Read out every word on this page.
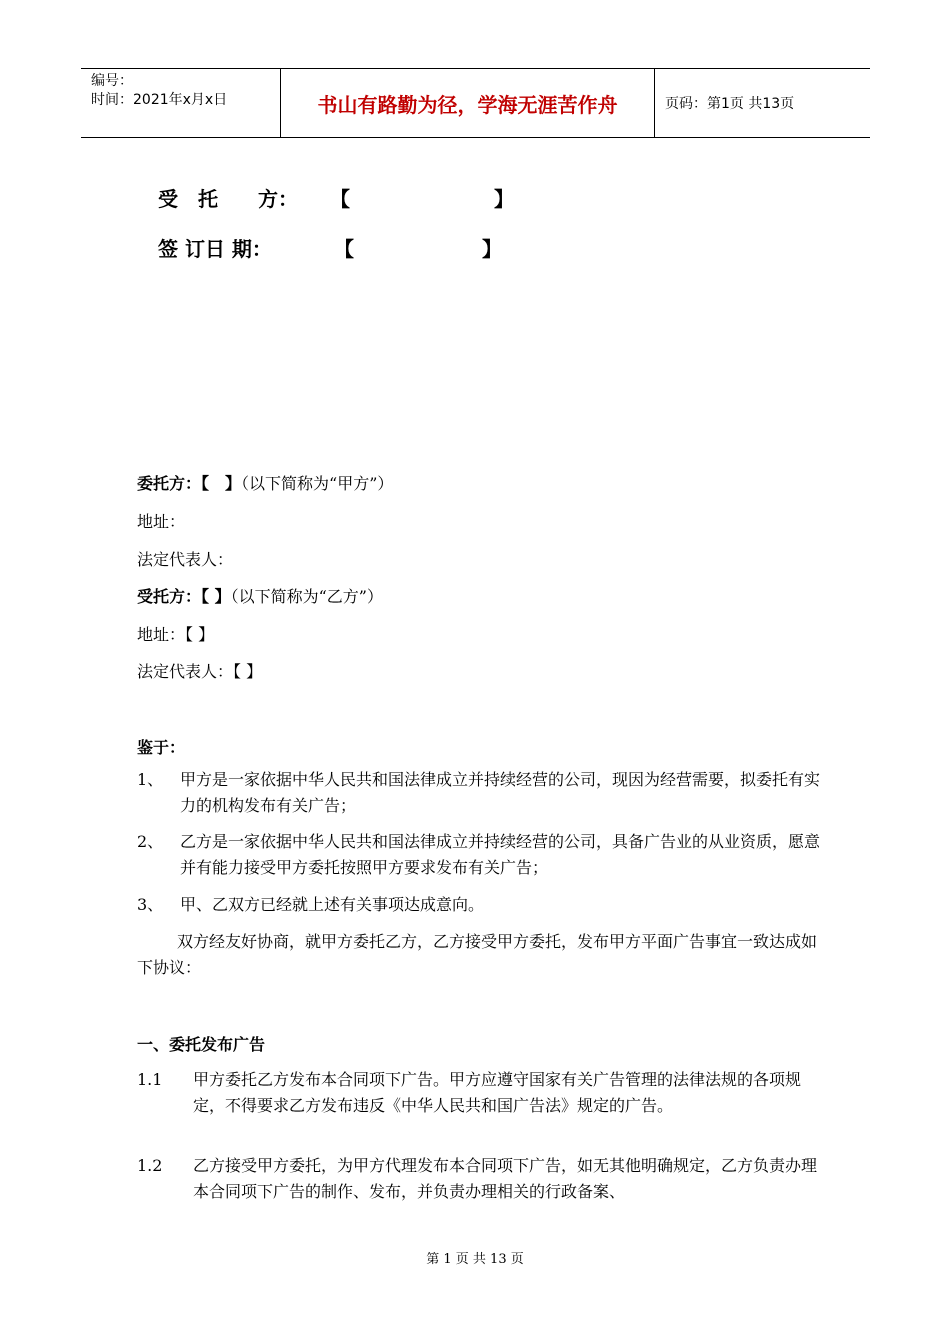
编号：
时间：2021年x月x日	书山有路勤为径，学海无涯苦作舟	页码：第1页 共13页
受　托　　方： 【	】
签 订日 期：	【	】
委托方：【　】（以下简称为“甲方”）
地址：
法定代表人：
受托方：【 】（以下简称为“乙方”）
地址：【 】
法定代表人：【 】
鉴于：
1、 甲方是一家依据中华人民共和国法律成立并持续经营的公司，现因为经营需要，拟委托有实力的机构发布有关广告；
2、 乙方是一家依据中华人民共和国法律成立并持续经营的公司，具备广告业的从业资质，愿意并有能力接受甲方委托按照甲方要求发布有关广告；
3、 甲、乙双方已经就上述有关事项达成意向。
双方经友好协商，就甲方委托乙方，乙方接受甲方委托，发布甲方平面广告事宜一致达成如下协议：
一、委托发布广告
1.1 甲方委托乙方发布本合同项下广告。甲方应遵守国家有关广告管理的法律法规的各项规定，不得要求乙方发布违反《中华人民共和国广告法》规定的广告。
1.2 乙方接受甲方委托，为甲方代理发布本合同项下广告，如无其他明确规定，乙方负责办理本合同项下广告的制作、发布，并负责办理相关的行政备案、
第 1 页 共 13 页
